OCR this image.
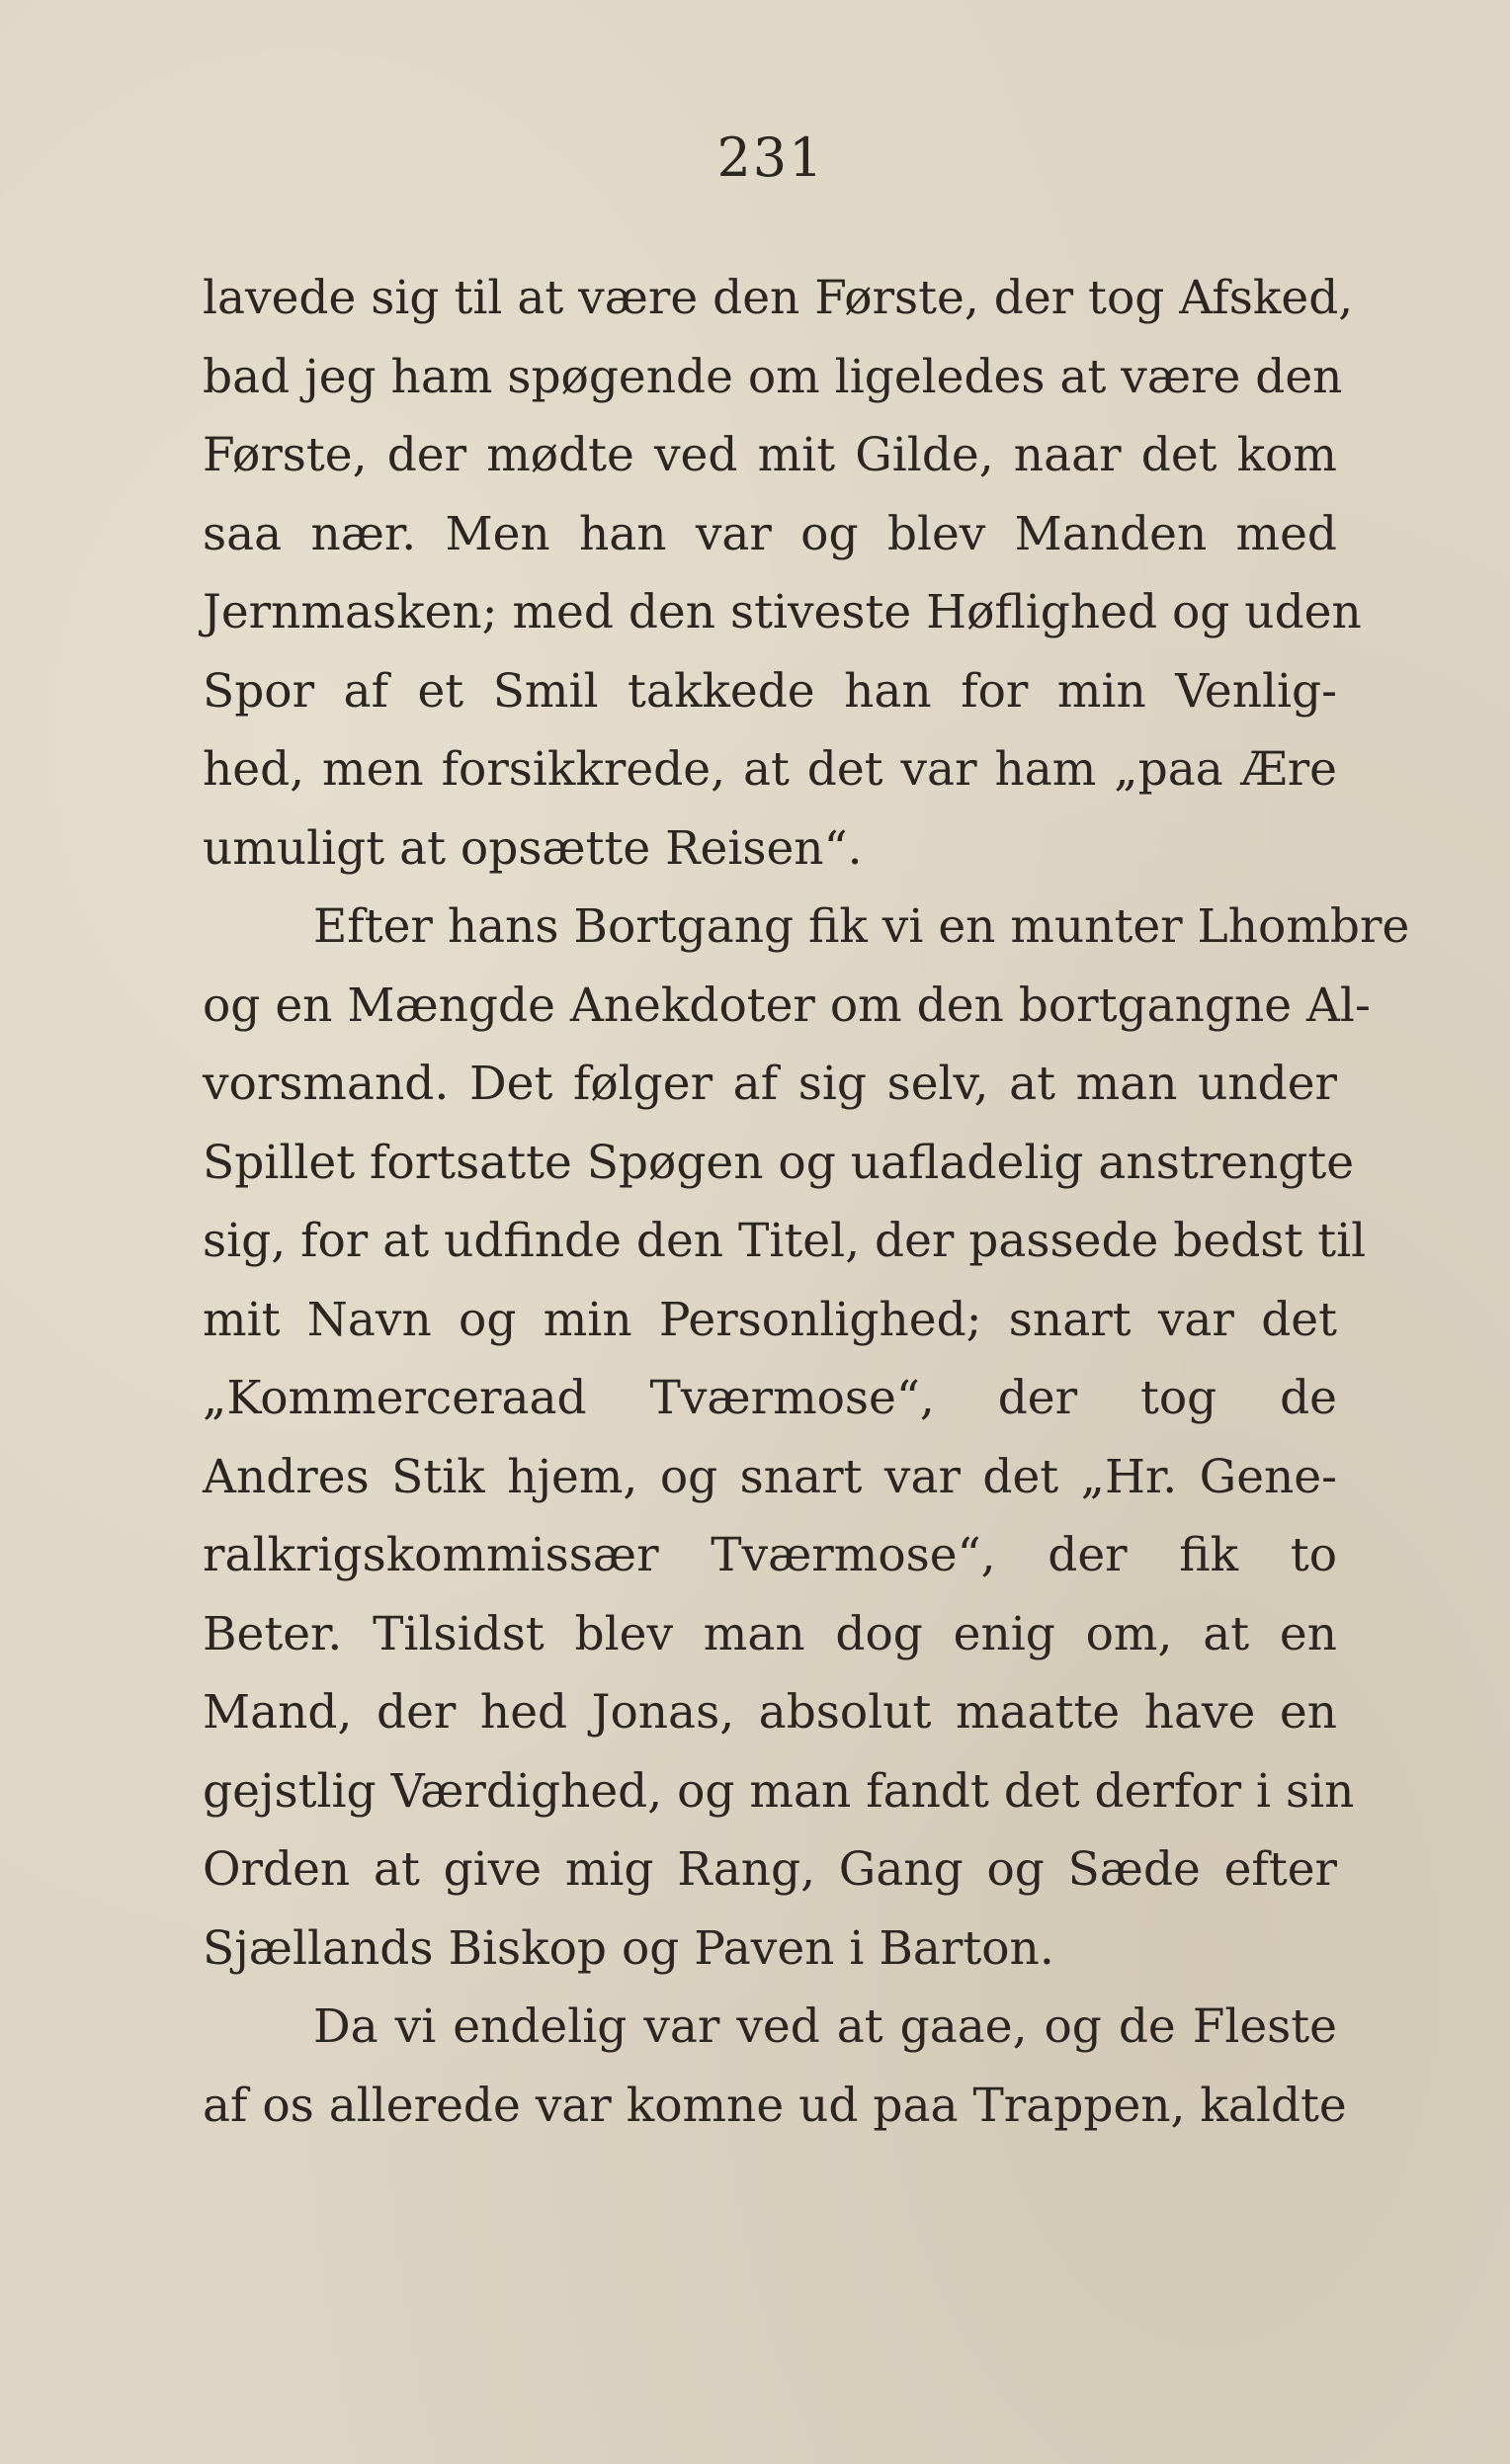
231
lavede sig til at være den Første, der tog Afsked,
bad jeg ham spøgende om ligeledes at være den
Første, der mødte ved mit Gilde, naar det kom
saa nær. Men han var og blev Manden med
Jernmasken; med den stiveste Høflighed og uden
Spor af et Smil takkede han for min Venlig-
hed, men forsikkrede, at det var ham „paa Ære
umuligt at opsætte Reisen“.
Efter hans Bortgang fik vi en munter Lhombre
og en Mængde Anekdoter om den bortgangne Al-
vorsmand. Det følger af sig selv, at man under
Spillet fortsatte Spøgen og uafladelig anstrengte
sig, for at udfinde den Titel, der passede bedst til
mit Navn og min Personlighed; snart var det
„Kommerceraad Tværmose“, der tog de
Andres Stik hjem, og snart var det „Hr. Gene-
ralkrigskommissær Tværmose“, der fik to
Beter. Tilsidst blev man dog enig om, at en
Mand, der hed Jonas, absolut maatte have en
gejstlig Værdighed, og man fandt det derfor i sin
Orden at give mig Rang, Gang og Sæde efter
Sjællands Biskop og Paven i Barton.
Da vi endelig var ved at gaae, og de Fleste
af os allerede var komne ud paa Trappen, kaldte
